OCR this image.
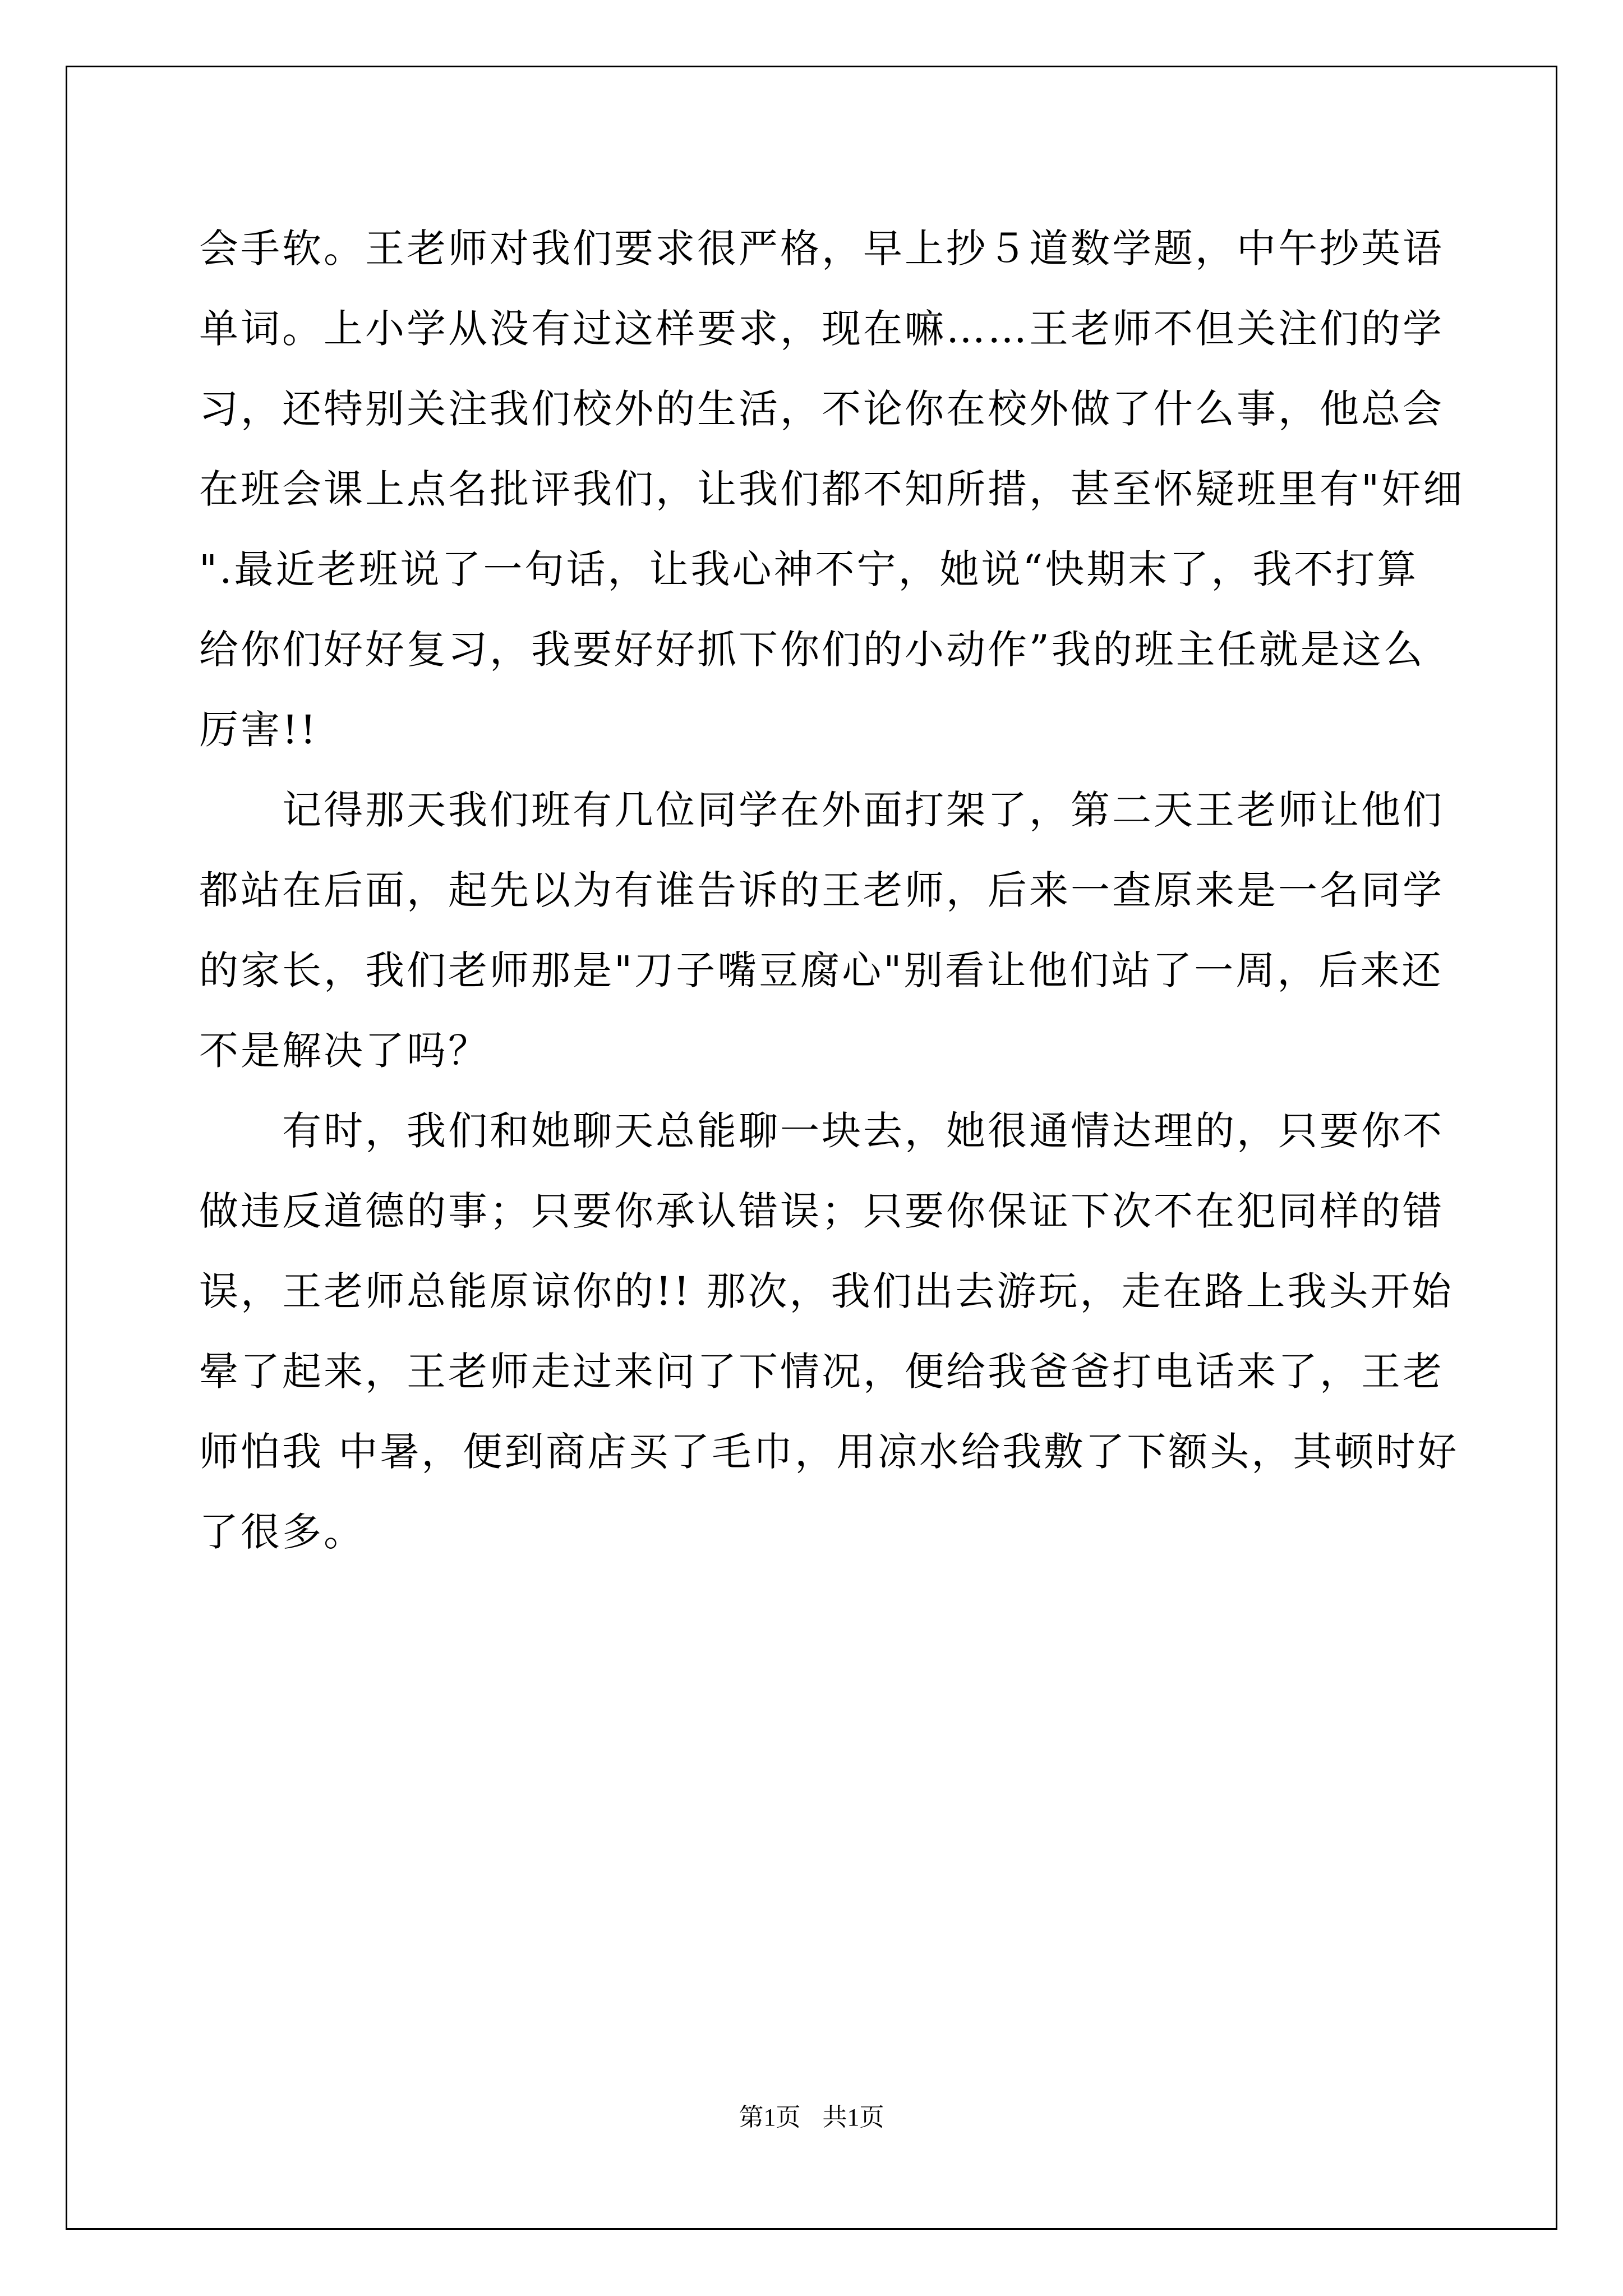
会手软。王老师对我们要求很严格，早上抄５道数学题，中午抄英语
单词。上小学从没有过这样要求，现在嘛……王老师不但关注们的学
习，还特别关注我们校外的生活，不论你在校外做了什么事，他总会
在班会课上点名批评我们，让我们都不知所措，甚至怀疑班里有"奸细
".最近老班说了一句话，让我心神不宁，她说“快期末了，我不打算
给你们好好复习，我要好好抓下你们的小动作”我的班主任就是这么
厉害!!
记得那天我们班有几位同学在外面打架了，第二天王老师让他们
都站在后面，起先以为有谁告诉的王老师，后来一查原来是一名同学
的家长，我们老师那是"刀子嘴豆腐心"别看让他们站了一周，后来还
不是解决了吗？
有时，我们和她聊天总能聊一块去，她很通情达理的，只要你不
做违反道德的事；只要你承认错误；只要你保证下次不在犯同样的错
误，王老师总能原谅你的!! 那次，我们出去游玩，走在路上我头开始
晕了起来，王老师走过来问了下情况，便给我爸爸打电话来了，王老
师怕我 中暑，便到商店买了毛巾，用凉水给我敷了下额头，其顿时好
了很多。
第1页 共1页
